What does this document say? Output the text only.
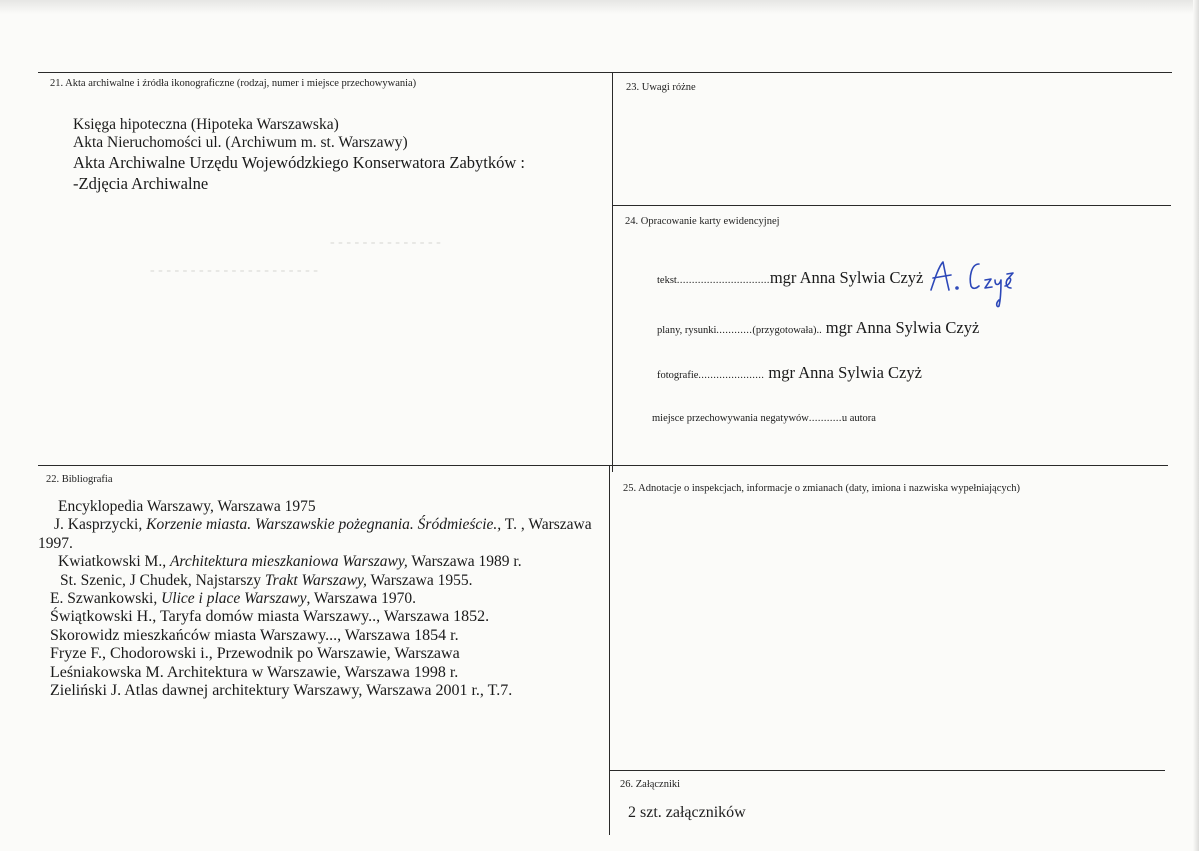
- - - - - - - - - - - - - -
- - - - - - - - - - - - - - - - - - - - -
21. Akta archiwalne i źródła ikonograficzne (rodzaj, numer i miejsce przechowywania)
Księga hipoteczna (Hipoteka Warszawska)
Akta Nieruchomości ul. (Archiwum m. st. Warszawy)
Akta Archiwalne Urzędu Wojewódzkiego Konserwatora Zabytków :
-Zdjęcia Archiwalne
23. Uwagi różne
24. Opracowanie karty ewidencyjnej
tekst...............................mgr Anna Sylwia Czyż
plany, rysunki............(przygotowała).. mgr Anna Sylwia Czyż
fotografie...................... mgr Anna Sylwia Czyż
miejsce przechowywania negatywów...........u autora
22. Bibliografia
Encyklopedia Warszawy, Warszawa 1975
J. Kasprzycki, Korzenie miasta. Warszawskie pożegnania. Śródmieście., T. , Warszawa 1997.
Kwiatkowski M., Architektura mieszkaniowa Warszawy, Warszawa 1989 r.
St. Szenic, J Chudek, Najstarszy Trakt Warszawy, Warszawa 1955.
E. Szwankowski, Ulice i place Warszawy, Warszawa 1970.
Świątkowski H., Taryfa domów miasta Warszawy.., Warszawa 1852.
Skorowidz mieszkańców miasta Warszawy..., Warszawa 1854 r.
Fryze F., Chodorowski i., Przewodnik po Warszawie, Warszawa
Leśniakowska M. Architektura w Warszawie, Warszawa 1998 r.
Zieliński J. Atlas dawnej architektury Warszawy, Warszawa 2001 r., T.7.
25. Adnotacje o inspekcjach, informacje o zmianach (daty, imiona i nazwiska wypełniających)
26. Załączniki
2 szt. załączników
